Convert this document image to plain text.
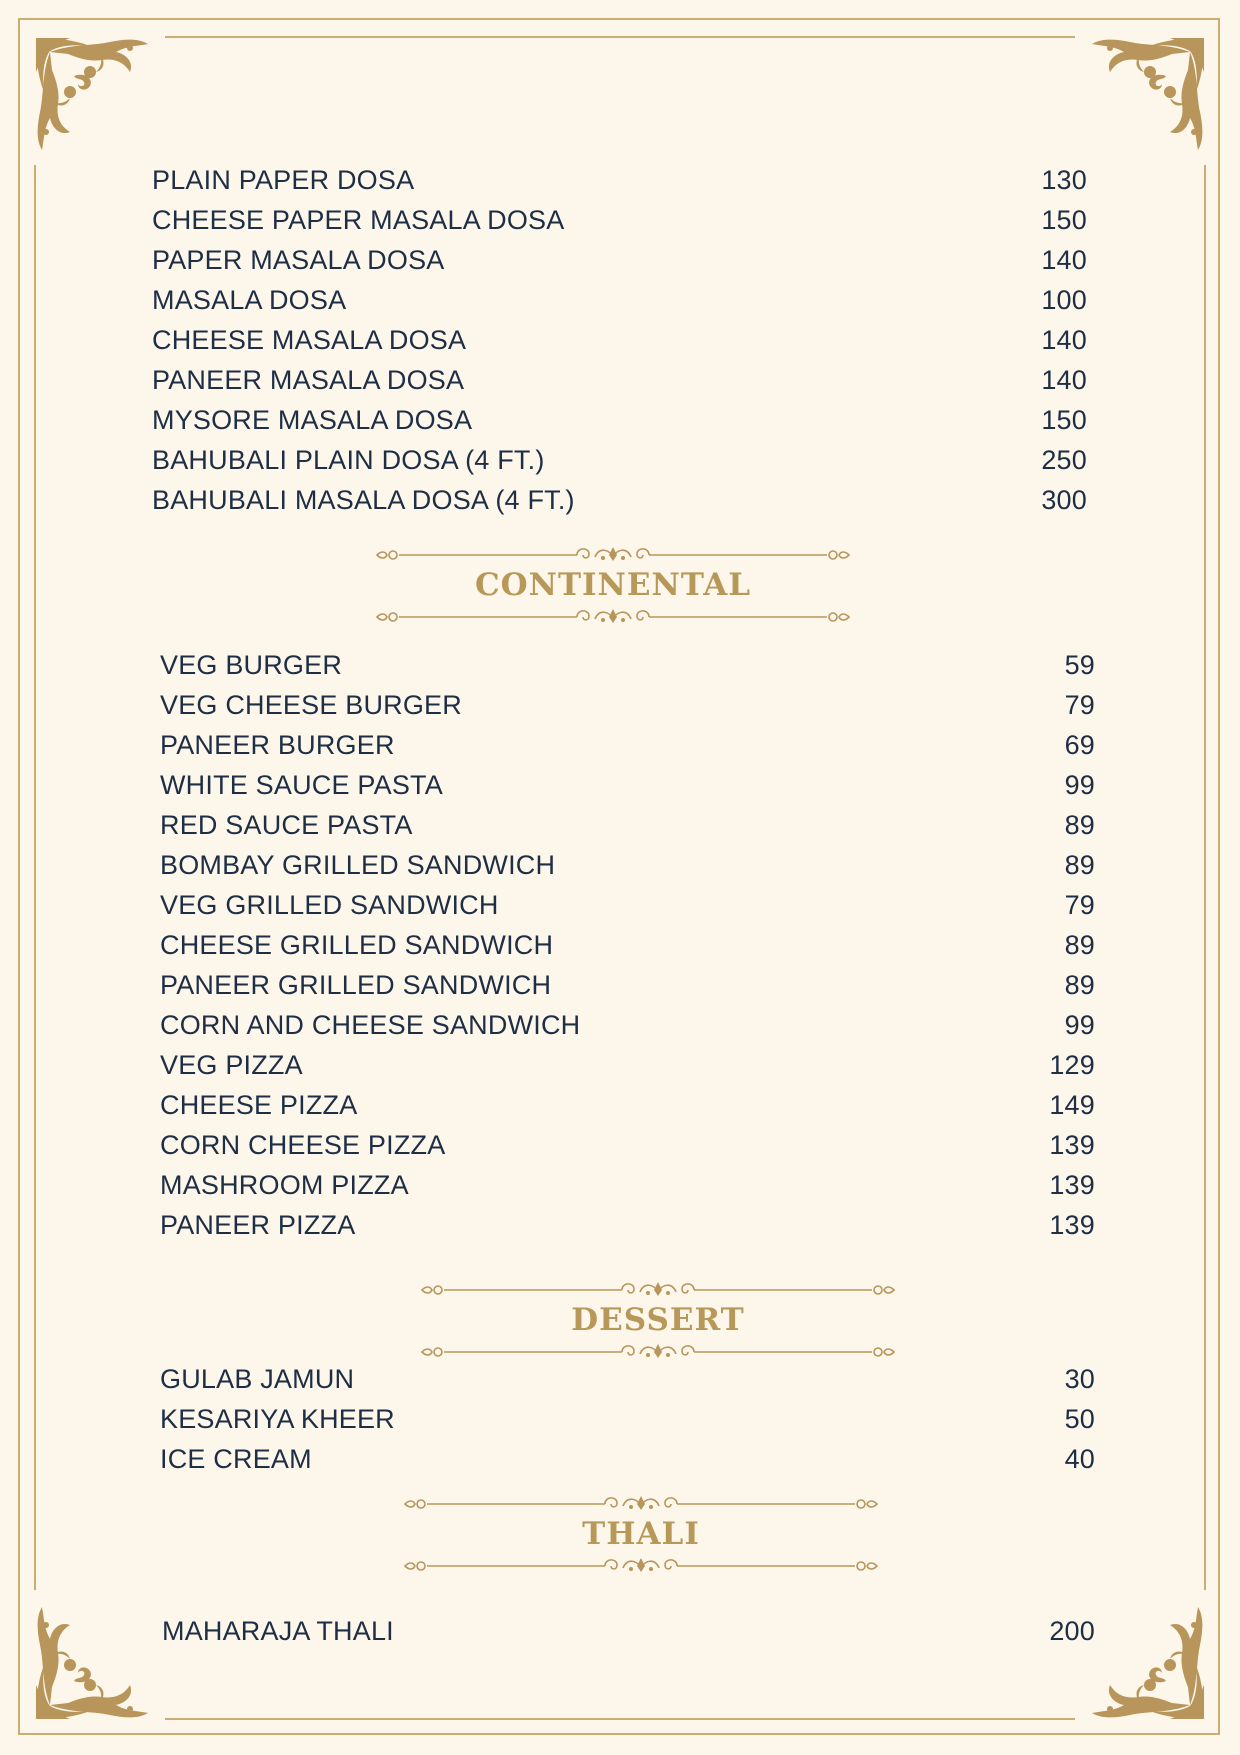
PLAIN PAPER DOSA	130
CHEESE PAPER MASALA DOSA	150
PAPER MASALA DOSA	140
MASALA DOSA	100
CHEESE MASALA DOSA	140
PANEER MASALA DOSA	140
MYSORE MASALA DOSA	150
BAHUBALI PLAIN DOSA (4 FT.)	250
BAHUBALI MASALA DOSA (4 FT.)	300
CONTINENTAL
VEG BURGER	59
VEG CHEESE BURGER	79
PANEER BURGER	69
WHITE SAUCE PASTA	99
RED SAUCE PASTA	89
BOMBAY GRILLED SANDWICH	89
VEG GRILLED SANDWICH	79
CHEESE GRILLED SANDWICH	89
PANEER GRILLED SANDWICH	89
CORN AND CHEESE SANDWICH	99
VEG PIZZA	129
CHEESE PIZZA	149
CORN CHEESE PIZZA	139
MASHROOM PIZZA	139
PANEER PIZZA	139
DESSERT
GULAB JAMUN	30
KESARIYA KHEER	50
ICE CREAM	40
THALI
MAHARAJA THALI	200
